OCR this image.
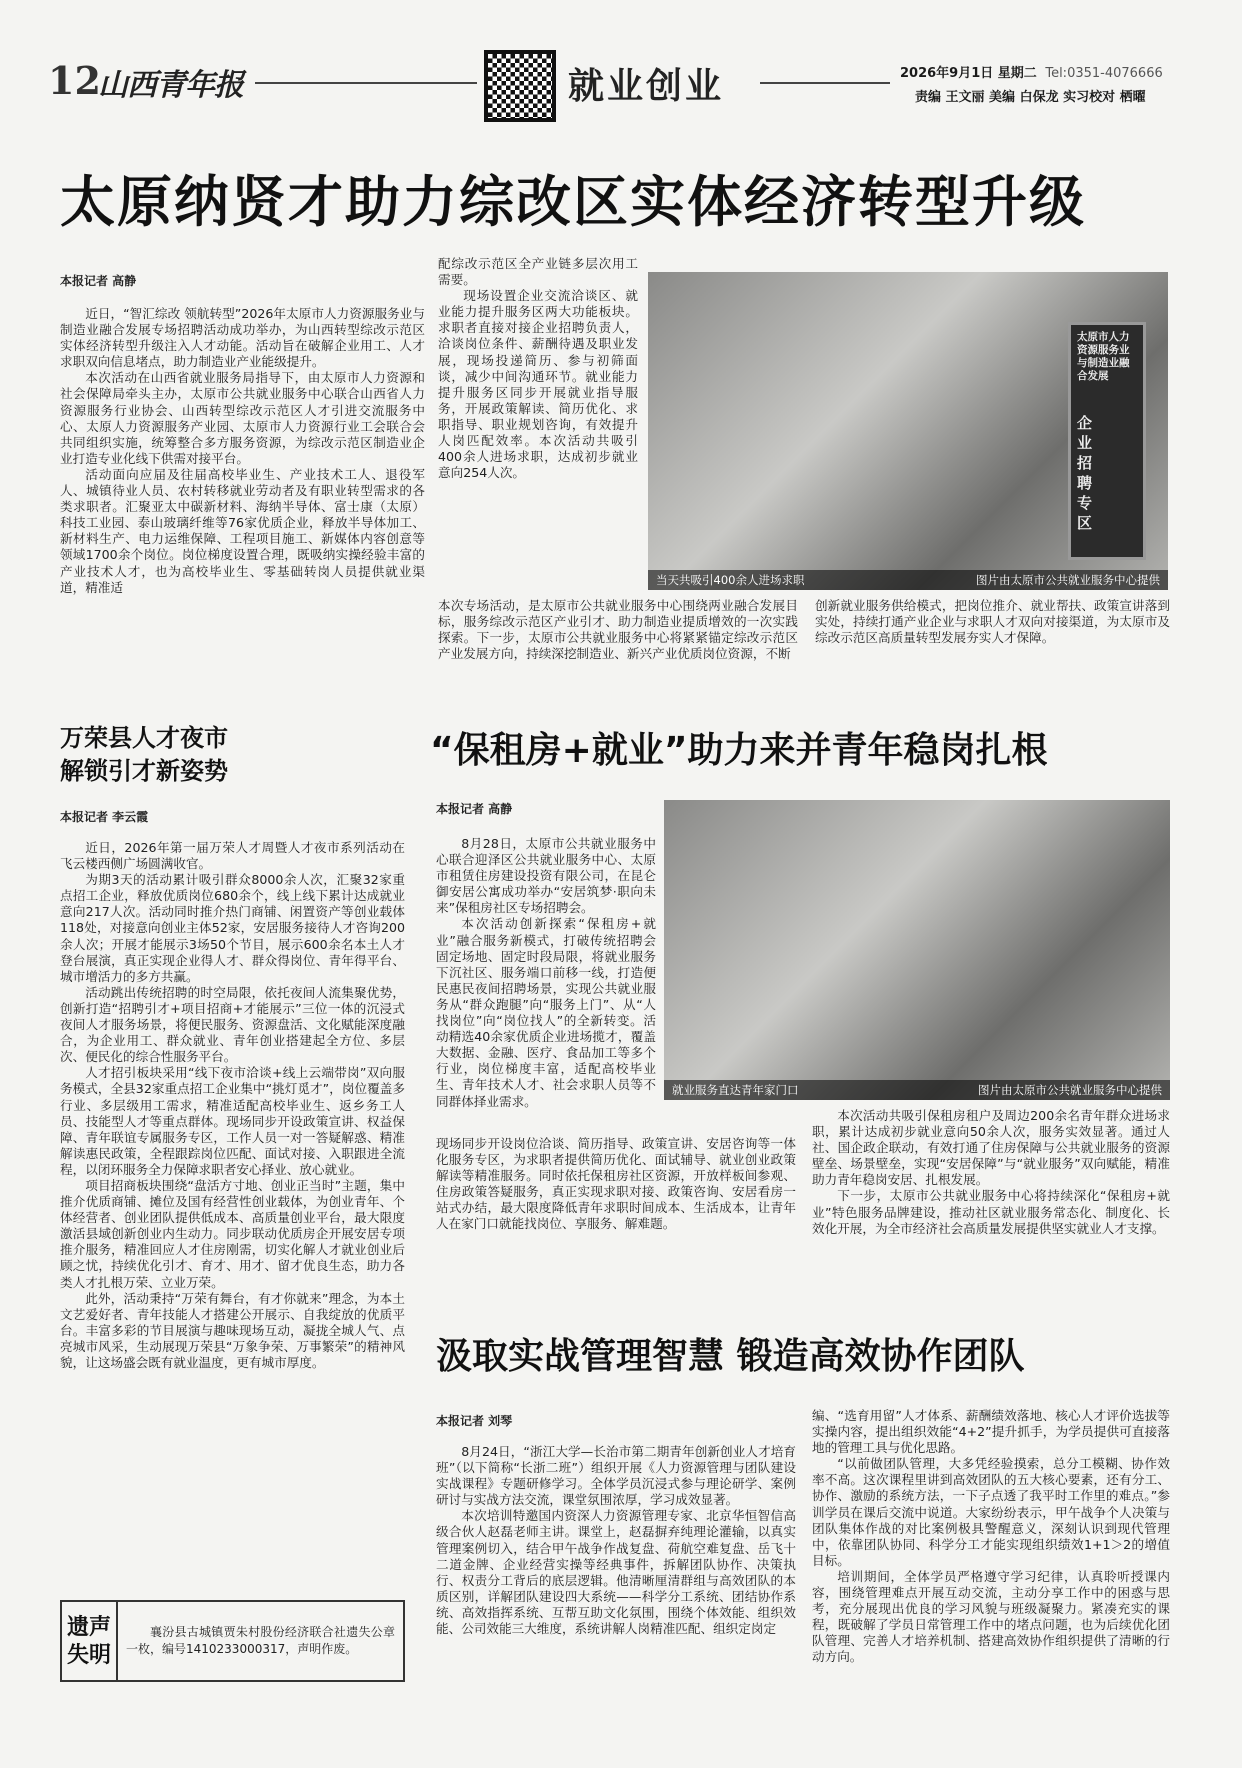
12
山西青年报	就业创业	2026年9月1日 星期二 Tel:0351-4076666
责编 王文丽 美编 白保龙 实习校对 栖曜
太原纳贤才助力综改区实体经济转型升级
本报记者 高静

近日，“智汇综改 领航转型”2026年太原市人力资源服务业与制造业融合发展专场招聘活动成功举办，为山西转型综改示范区实体经济转型升级注入人才动能。活动旨在破解企业用工、人才求职双向信息堵点，助力制造业产业能级提升。

本次活动在山西省就业服务局指导下，由太原市人力资源和社会保障局牵头主办，太原市公共就业服务中心联合山西省人力资源服务行业协会、山西转型综改示范区人才引进交流服务中心、太原人力资源服务产业园、太原市人力资源行业工会联合会共同组织实施，统筹整合多方服务资源，为综改示范区制造业企业打造专业化线下供需对接平台。

活动面向应届及往届高校毕业生、产业技术工人、退役军人、城镇待业人员、农村转移就业劳动者及有职业转型需求的各类求职者。汇聚亚太中碳新材料、海纳半导体、富士康（太原）科技工业园、泰山玻璃纤维等76家优质企业，释放半导体加工、新材料生产、电力运维保障、工程项目施工、新媒体内容创意等领域1700余个岗位。岗位梯度设置合理，既吸纳实操经验丰富的产业技术人才，也为高校毕业生、零基础转岗人员提供就业渠道，精准适

配综改示范区全产业链多层次用工需要。

现场设置企业交流洽谈区、就业能力提升服务区两大功能板块。求职者直接对接企业招聘负责人，洽谈岗位条件、薪酬待遇及职业发展，现场投递简历、参与初筛面谈，减少中间沟通环节。就业能力提升服务区同步开展就业指导服务，开展政策解读、简历优化、求职指导、职业规划咨询，有效提升人岗匹配效率。本次活动共吸引400余人进场求职，达成初步就业意向254人次。

太原市人力资源服务业与制造业融合发展
企业招聘专区
当天共吸引400余人进场求职	图片由太原市公共就业服务中心提供

本次专场活动，是太原市公共就业服务中心围绕两业融合发展目标，服务综改示范区产业引才、助力制造业提质增效的一次实践探索。下一步，太原市公共就业服务中心将紧紧锚定综改示范区产业发展方向，持续深挖制造业、新兴产业优质岗位资源，不断

创新就业服务供给模式，把岗位推介、就业帮扶、政策宣讲落到实处，持续打通产业企业与求职人才双向对接渠道，为太原市及综改示范区高质量转型发展夯实人才保障。

万荣县人才夜市
解锁引才新姿势
本报记者 李云霞

近日，2026年第一届万荣人才周暨人才夜市系列活动在飞云楼西侧广场圆满收官。

为期3天的活动累计吸引群众8000余人次，汇聚32家重点招工企业，释放优质岗位680余个，线上线下累计达成就业意向217人次。活动同时推介热门商铺、闲置资产等创业载体118处，对接意向创业主体52家，安居服务接待人才咨询200余人次；开展才能展示3场50个节目，展示600余名本土人才登台展演，真正实现企业得人才、群众得岗位、青年得平台、城市增活力的多方共赢。

活动跳出传统招聘的时空局限，依托夜间人流集聚优势，创新打造“招聘引才+项目招商+才能展示”三位一体的沉浸式夜间人才服务场景，将便民服务、资源盘活、文化赋能深度融合，为企业用工、群众就业、青年创业搭建起全方位、多层次、便民化的综合性服务平台。

人才招引板块采用“线下夜市洽谈+线上云端带岗”双向服务模式，全县32家重点招工企业集中“挑灯觅才”，岗位覆盖多行业、多层级用工需求，精准适配高校毕业生、返乡务工人员、技能型人才等重点群体。现场同步开设政策宣讲、权益保障、青年联谊专属服务专区，工作人员一对一答疑解惑、精准解读惠民政策，全程跟踪岗位匹配、面试对接、入职跟进全流程，以闭环服务全力保障求职者安心择业、放心就业。

项目招商板块围绕“盘活方寸地、创业正当时”主题，集中推介优质商铺、摊位及国有经营性创业载体，为创业青年、个体经营者、创业团队提供低成本、高质量创业平台，最大限度激活县域创新创业内生动力。同步联动优质房企开展安居专项推介服务，精准回应人才住房刚需，切实化解人才就业创业后顾之忧，持续优化引才、育才、用才、留才优良生态，助力各类人才扎根万荣、立业万荣。

此外，活动秉持“万荣有舞台，有才你就来”理念，为本土文艺爱好者、青年技能人才搭建公开展示、自我绽放的优质平台。丰富多彩的节目展演与趣味现场互动，凝拢全城人气、点亮城市风采，生动展现万荣县“万象争荣、万事繁荣”的精神风貌，让这场盛会既有就业温度，更有城市厚度。

遗声
失明
襄汾县古城镇贾朱村股份经济联合社遗失公章一枚，编号1410233000317，声明作废。
“保租房+就业”助力来并青年稳岗扎根
本报记者 高静

8月28日，太原市公共就业服务中心联合迎泽区公共就业服务中心、太原市租赁住房建设投资有限公司，在昆仑御安居公寓成功举办“安居筑梦·职向未来”保租房社区专场招聘会。

本次活动创新探索“保租房+就业”融合服务新模式，打破传统招聘会固定场地、固定时段局限，将就业服务下沉社区、服务端口前移一线，打造便民惠民夜间招聘场景，实现公共就业服务从“群众跑腿”向“服务上门”、从“人找岗位”向“岗位找人”的全新转变。活动精选40余家优质企业进场揽才，覆盖大数据、金融、医疗、食品加工等多个行业，岗位梯度丰富，适配高校毕业生、青年技术人才、社会求职人员等不同群体择业需求。

就业服务直达青年家门口	图片由太原市公共就业服务中心提供

现场同步开设岗位洽谈、简历指导、政策宣讲、安居咨询等一体化服务专区，为求职者提供简历优化、面试辅导、就业创业政策解读等精准服务。同时依托保租房社区资源，开放样板间参观、住房政策答疑服务，真正实现求职对接、政策咨询、安居看房一站式办结，最大限度降低青年求职时间成本、生活成本，让青年人在家门口就能找岗位、享服务、解难题。

本次活动共吸引保租房租户及周边200余名青年群众进场求职，累计达成初步就业意向50余人次，服务实效显著。通过人社、国企政企联动，有效打通了住房保障与公共就业服务的资源壁垒、场景壁垒，实现“安居保障”与“就业服务”双向赋能，精准助力青年稳岗安居、扎根发展。

下一步，太原市公共就业服务中心将持续深化“保租房+就业”特色服务品牌建设，推动社区就业服务常态化、制度化、长效化开展，为全市经济社会高质量发展提供坚实就业人才支撑。

汲取实战管理智慧 锻造高效协作团队
本报记者 刘琴

8月24日，“浙江大学—长治市第二期青年创新创业人才培育班”（以下简称“长浙二班”）组织开展《人力资源管理与团队建设实战课程》专题研修学习。全体学员沉浸式参与理论研学、案例研讨与实战方法交流，课堂氛围浓厚，学习成效显著。

本次培训特邀国内资深人力资源管理专家、北京华恒智信高级合伙人赵磊老师主讲。课堂上，赵磊摒弃纯理论灌输，以真实管理案例切入，结合甲午战争作战复盘、荷航空难复盘、岳飞十二道金牌、企业经营实操等经典事件，拆解团队协作、决策执行、权责分工背后的底层逻辑。他清晰厘清群组与高效团队的本质区别，详解团队建设四大系统——科学分工系统、团结协作系统、高效指挥系统、互帮互助文化氛围，围绕个体效能、组织效能、公司效能三大维度，系统讲解人岗精准匹配、组织定岗定

编、“选育用留”人才体系、薪酬绩效落地、核心人才评价选拔等实操内容，提出组织效能“4+2”提升抓手，为学员提供可直接落地的管理工具与优化思路。

“以前做团队管理，大多凭经验摸索，总分工模糊、协作效率不高。这次课程里讲到高效团队的五大核心要素，还有分工、协作、激励的系统方法，一下子点透了我平时工作里的难点。”参训学员在课后交流中说道。大家纷纷表示，甲午战争个人决策与团队集体作战的对比案例极具警醒意义，深刻认识到现代管理中，依靠团队协同、科学分工才能实现组织绩效1+1＞2的增值目标。

培训期间，全体学员严格遵守学习纪律，认真聆听授课内容，围绕管理难点开展互动交流，主动分享工作中的困惑与思考，充分展现出优良的学习风貌与班级凝聚力。紧凑充实的课程，既破解了学员日常管理工作中的堵点问题，也为后续优化团队管理、完善人才培养机制、搭建高效协作组织提供了清晰的行动方向。
